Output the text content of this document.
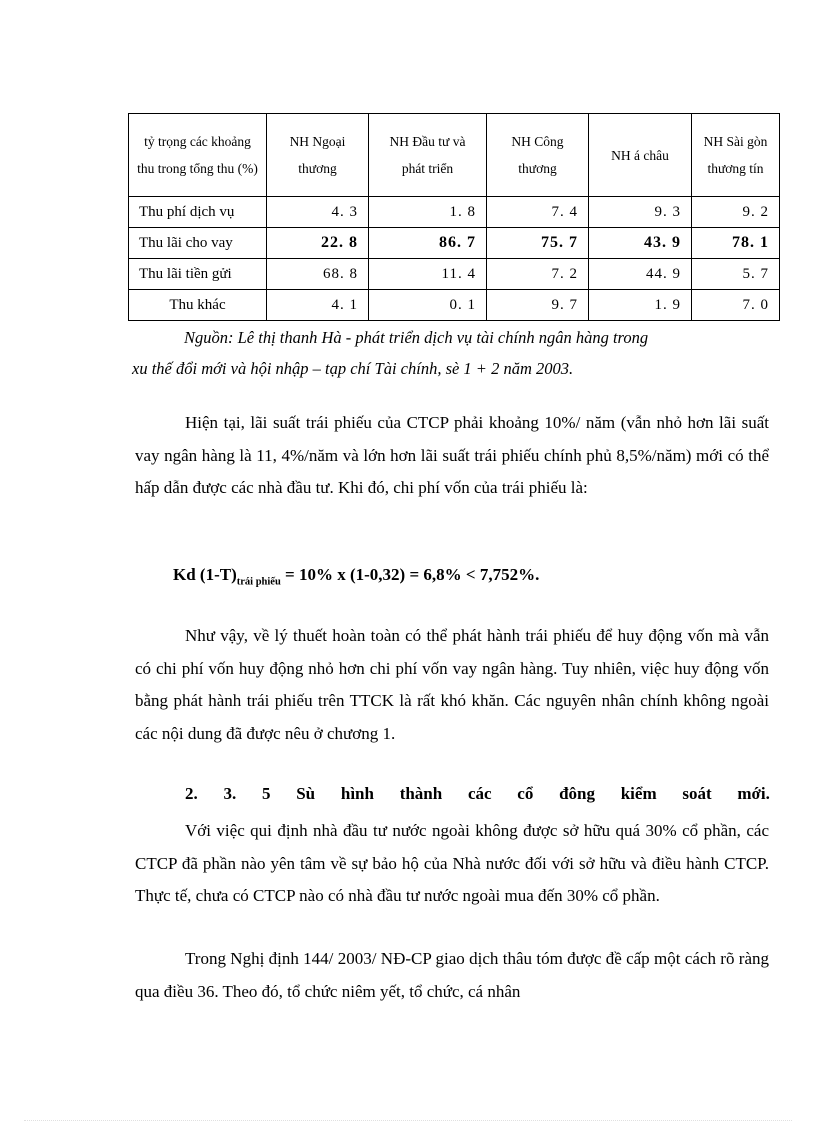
tỷ trọng các khoảng thu trong tổng thu (%)	NH Ngoại thương	NH Đầu tư và phát triển	NH Công thương	NH á châu	NH Sài gòn thương tín
Thu phí dịch vụ	4. 3	1. 8	7. 4	9. 3	9. 2
Thu lãi cho vay	22. 8	86. 7	75. 7	43. 9	78. 1
Thu lãi tiền gửi	68. 8	11. 4	7. 2	44. 9	5. 7
Thu khác	4. 1	0. 1	9. 7	1. 9	7. 0
Nguồn: Lê thị thanh Hà - phát triển dịch vụ tài chính ngân hàng trong
xu thế đổi mới và hội nhập – tạp chí Tài chính, sè 1 + 2 năm 2003.

Hiện tại, lãi suất trái phiếu của CTCP phải khoảng 10%/ năm (vẫn nhỏ hơn lãi suất vay ngân hàng là 11, 4%/năm và lớn hơn lãi suất trái phiếu chính phủ 8,5%/năm) mới có thể hấp dẫn được các nhà đầu tư. Khi đó, chi phí vốn của trái phiếu là:

Kd $(1-T)_{trái phiếu} = 10\%$ x (1-0,32) = 6,8% < 7,752%.

Như vậy, về lý thuết hoàn toàn có thể phát hành trái phiếu để huy động vốn mà vẫn có chi phí vốn huy động nhỏ hơn chi phí vốn vay ngân hàng. Tuy nhiên, việc huy động vốn bằng phát hành trái phiếu trên TTCK là rất khó khăn. Các nguyên nhân chính không ngoài các nội dung đã được nêu ở chương 1.

2. 3. 5 Sù hình thành các cổ đông kiểm soát mới.

Với việc qui định nhà đầu tư nước ngoài không được sở hữu quá 30% cổ phần, các CTCP đã phần nào yên tâm về sự bảo hộ của Nhà nước đối với sở hữu và điều hành CTCP. Thực tế, chưa có CTCP nào có nhà đầu tư nước ngoài mua đến 30% cổ phần.

Trong Nghị định 144/ 2003/ NĐ-CP giao dịch thâu tóm được đề cấp một cách rõ ràng qua điều 36. Theo đó, tổ chức niêm yết, tổ chức, cá nhân
